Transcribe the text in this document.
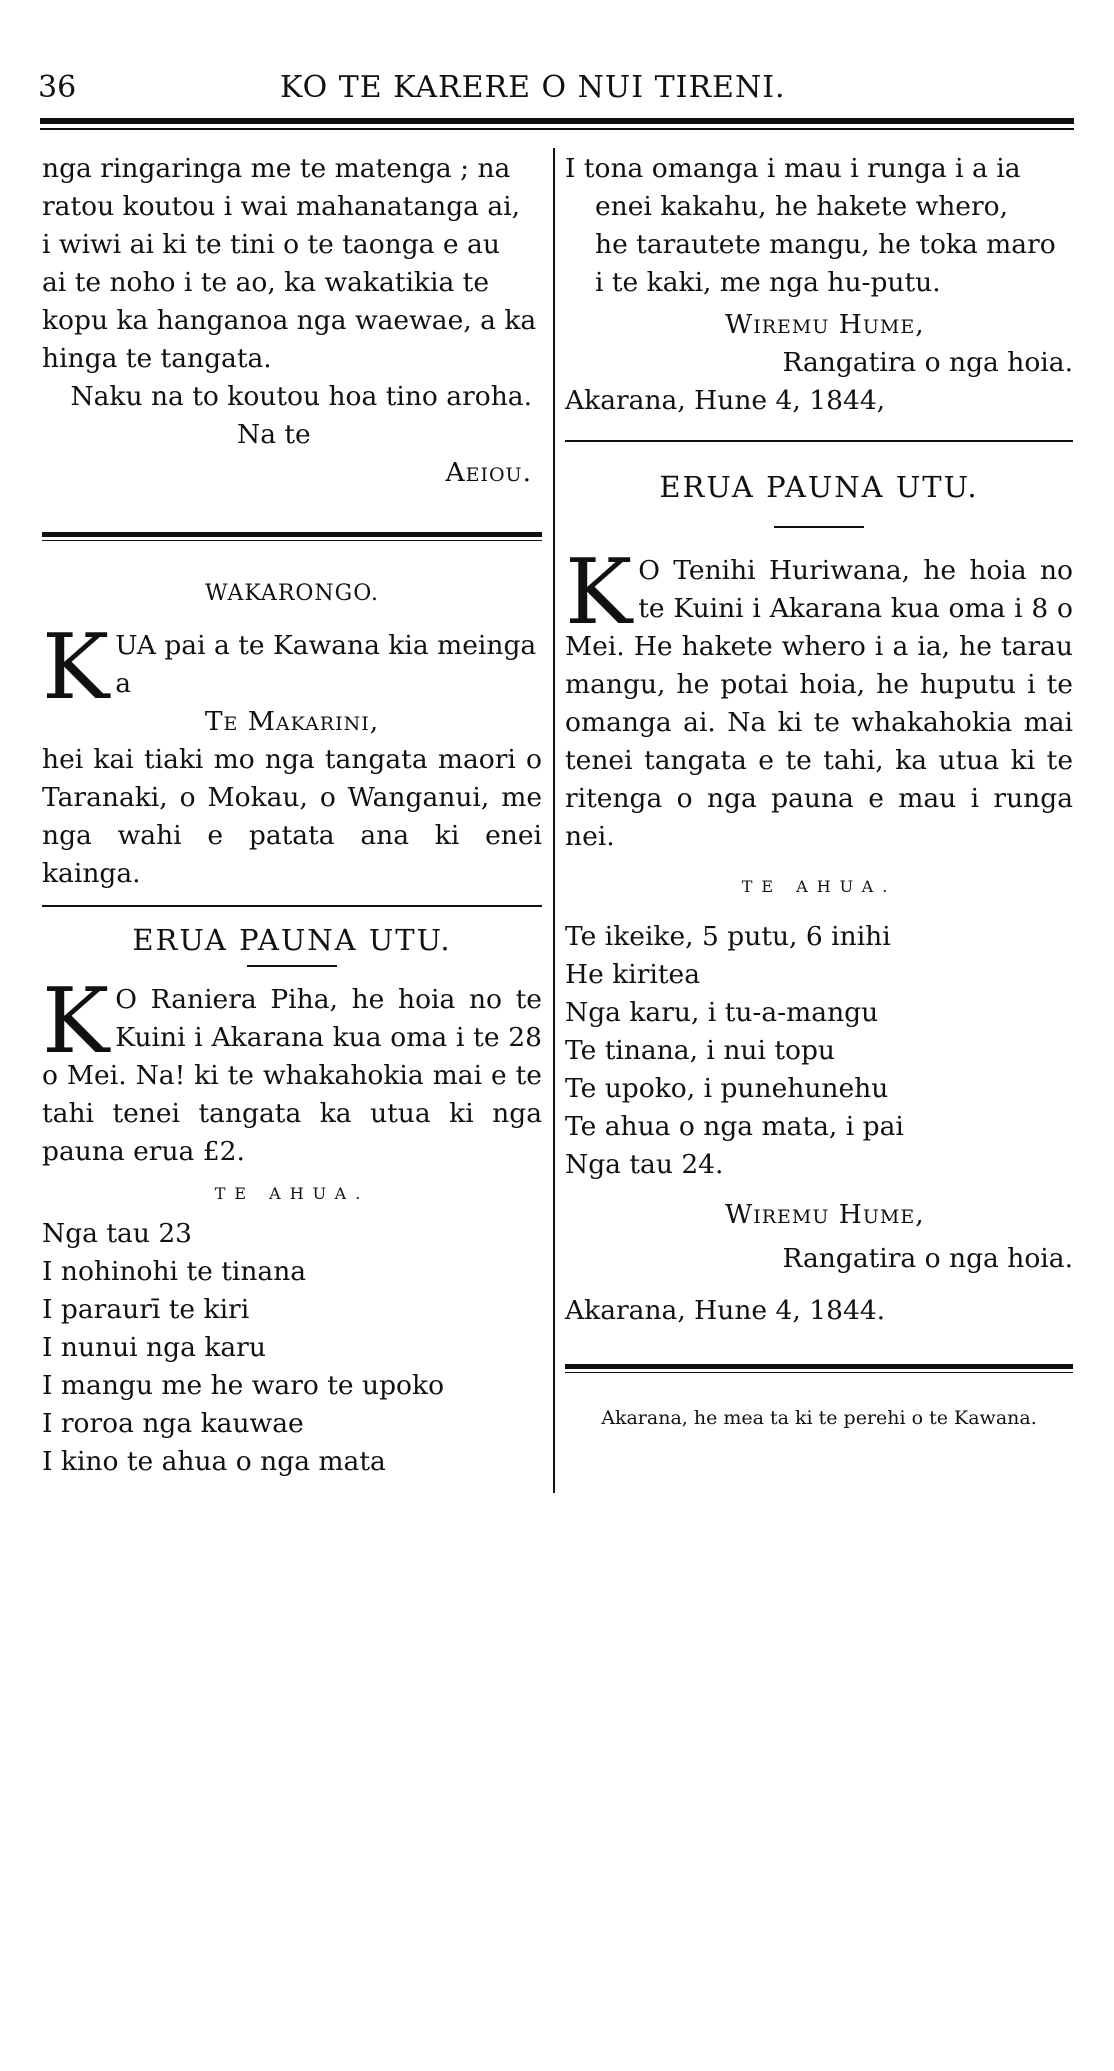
36	KO TE KARERE O NUI TIRENI.
nga ringaringa me te matenga ; na
ratou koutou i wai mahanatanga ai,
i wiwi ai ki te tini o te taonga e au
ai te noho i te ao, ka wakatikia te
kopu ka hanganoa nga waewae, a ka
hinga te tangata.
Naku na to koutou hoa tino aroha.
Na te
Aeiou.
WAKARONGO.
K UA pai a te Kawana kia meinga
a
Te Makarini,

hei kai tiaki mo nga tangata maori o Taranaki, o Mokau, o Wanganui, me nga wahi e patata ana ki enei kainga.

ERUA PAUNA UTU.
K O Raniera Piha, he hoia no te Kuini i Akarana kua oma i te 28 o Mei. Na! ki te whakahokia mai e te tahi tenei tangata ka utua ki nga pauna erua £2.

TE AHUA.
Nga tau 23
I nohinohi te tinana
I paraurī te kiri
I nunui nga karu
I mangu me he waro te upoko
I roroa nga kauwae
I kino te ahua o nga mata
I tona omanga i mau i runga i a ia
enei kakahu, he hakete whero,
he tarautete mangu, he toka maro
i te kaki, me nga hu-putu.
Wiremu Hume,
Rangatira o nga hoia.
Akarana, Hune 4, 1844,
ERUA PAUNA UTU.
K O Tenihi Huriwana, he hoia no te Kuini i Akarana kua oma i 8 o Mei. He hakete whero i a ia, he tarau mangu, he potai hoia, he huputu i te omanga ai. Na ki te whakahokia mai tenei tangata e te tahi, ka utua ki te ritenga o nga pauna e mau i runga nei.

TE AHUA.
Te ikeike, 5 putu, 6 inihi
He kiritea
Nga karu, i tu-a-mangu
Te tinana, i nui topu
Te upoko, i punehunehu
Te ahua o nga mata, i pai
Nga tau 24.
Wiremu Hume,
Rangatira o nga hoia.
Akarana, Hune 4, 1844.
Akarana, he mea ta ki te perehi o te Kawana.
